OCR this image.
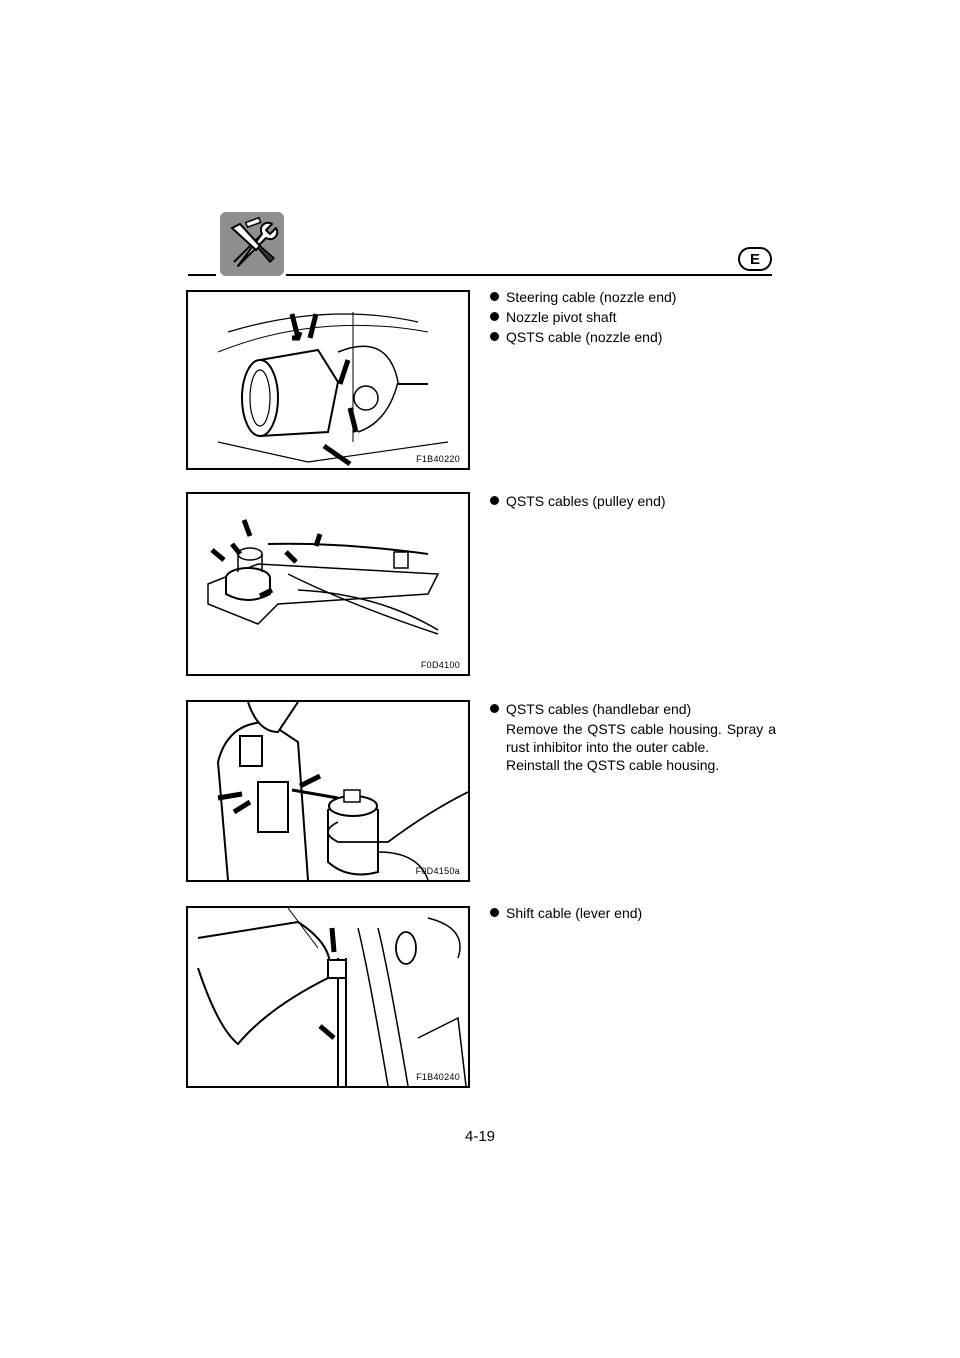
E
F1B40220
Steering cable (nozzle end)
Nozzle pivot shaft
QSTS cable (nozzle end)
F0D4100
QSTS cables (pulley end)
F0D4150a
QSTS cables (handlebar end)
Remove the QSTS cable housing. Spray a rust inhibitor into the outer cable.
Reinstall the QSTS cable housing.
F1B40240
Shift cable (lever end)
4-19
